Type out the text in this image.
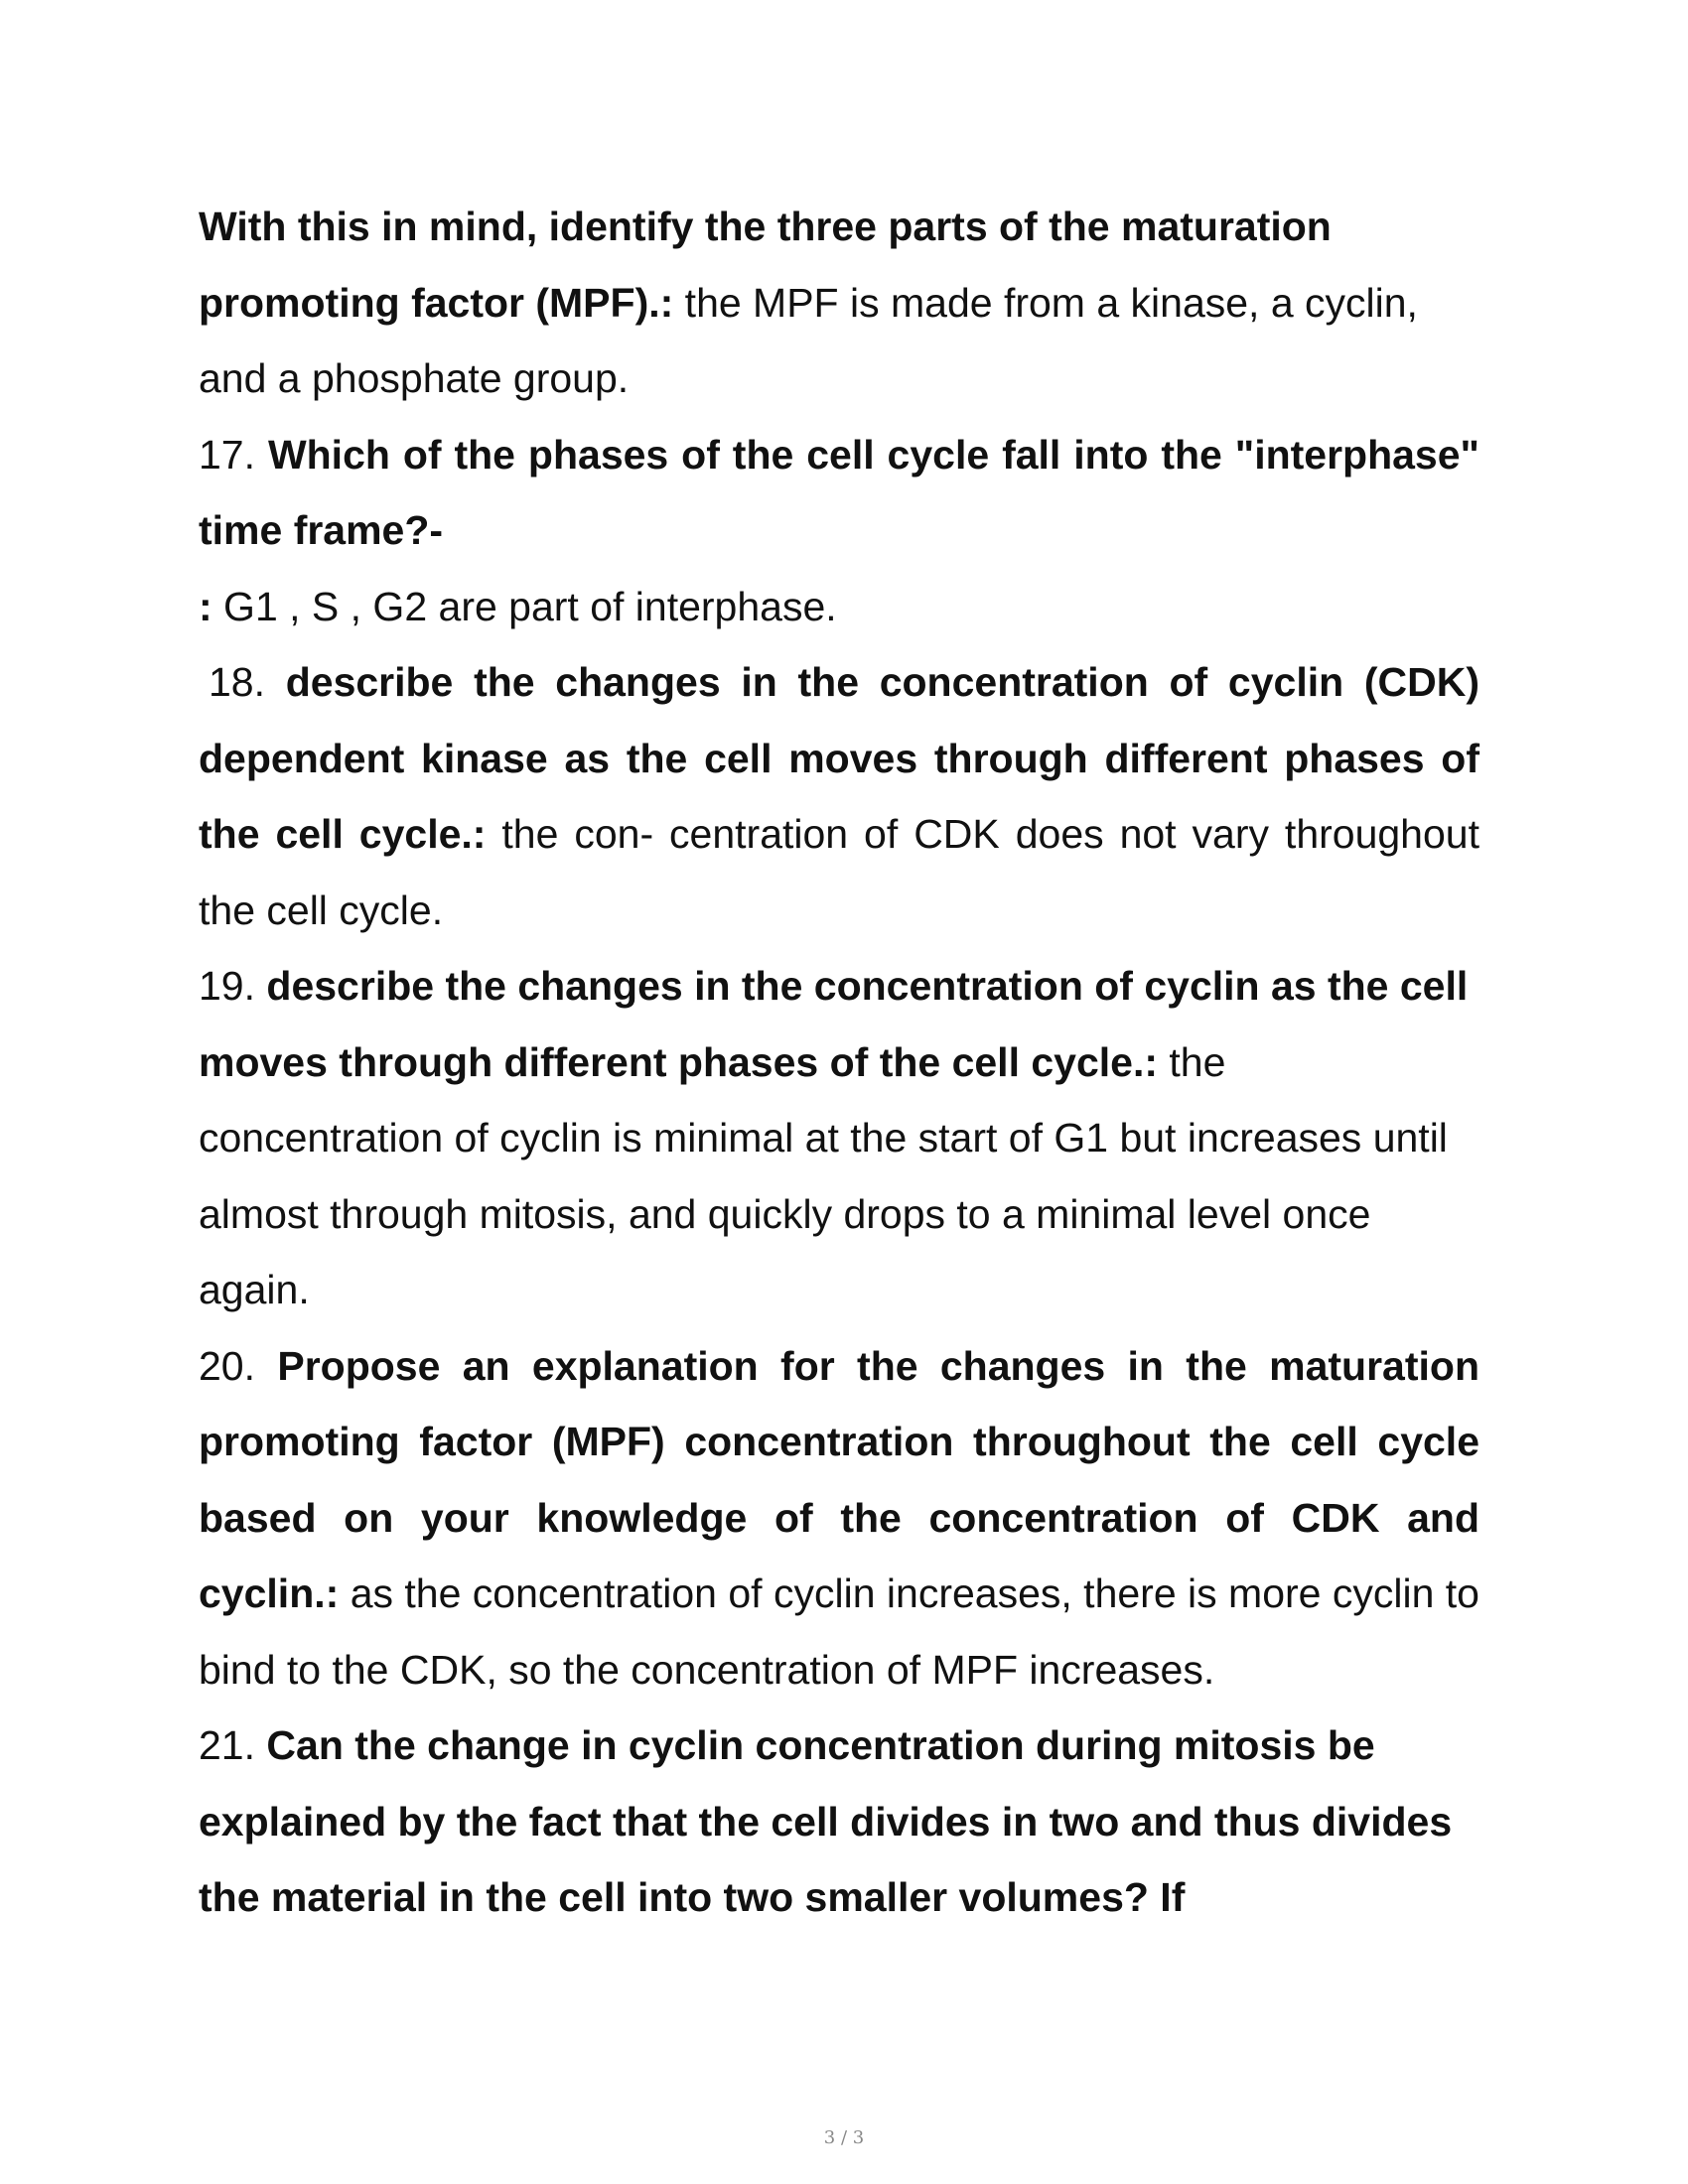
With this in mind, identify the three parts of the maturation promoting factor (MPF).: the MPF is made from a kinase, a cyclin, and a phosphate group.

17. Which of the phases of the cell cycle fall into the "interphase" time frame?-

: G1 , S , G2 are part of interphase.

18. describe the changes in the concentration of cyclin (CDK) dependent kinase as the cell moves through different phases of the cell cycle.: the con- centration of CDK does not vary throughout the cell cycle.

19. describe the changes in the concentration of cyclin as the cell moves through different phases of the cell cycle.: the concentration of cyclin is minimal at the start of G1 but increases until almost through mitosis, and quickly drops to a minimal level once again.

20. Propose an explanation for the changes in the maturation promoting factor (MPF) concentration throughout the cell cycle based on your knowledge of the concentration of CDK and cyclin.: as the concentration of cyclin increases, there is more cyclin to bind to the CDK, so the concentration of MPF increases.

21. Can the change in cyclin concentration during mitosis be explained by the fact that the cell divides in two and thus divides the material in the cell into two smaller volumes? If

3 / 3
